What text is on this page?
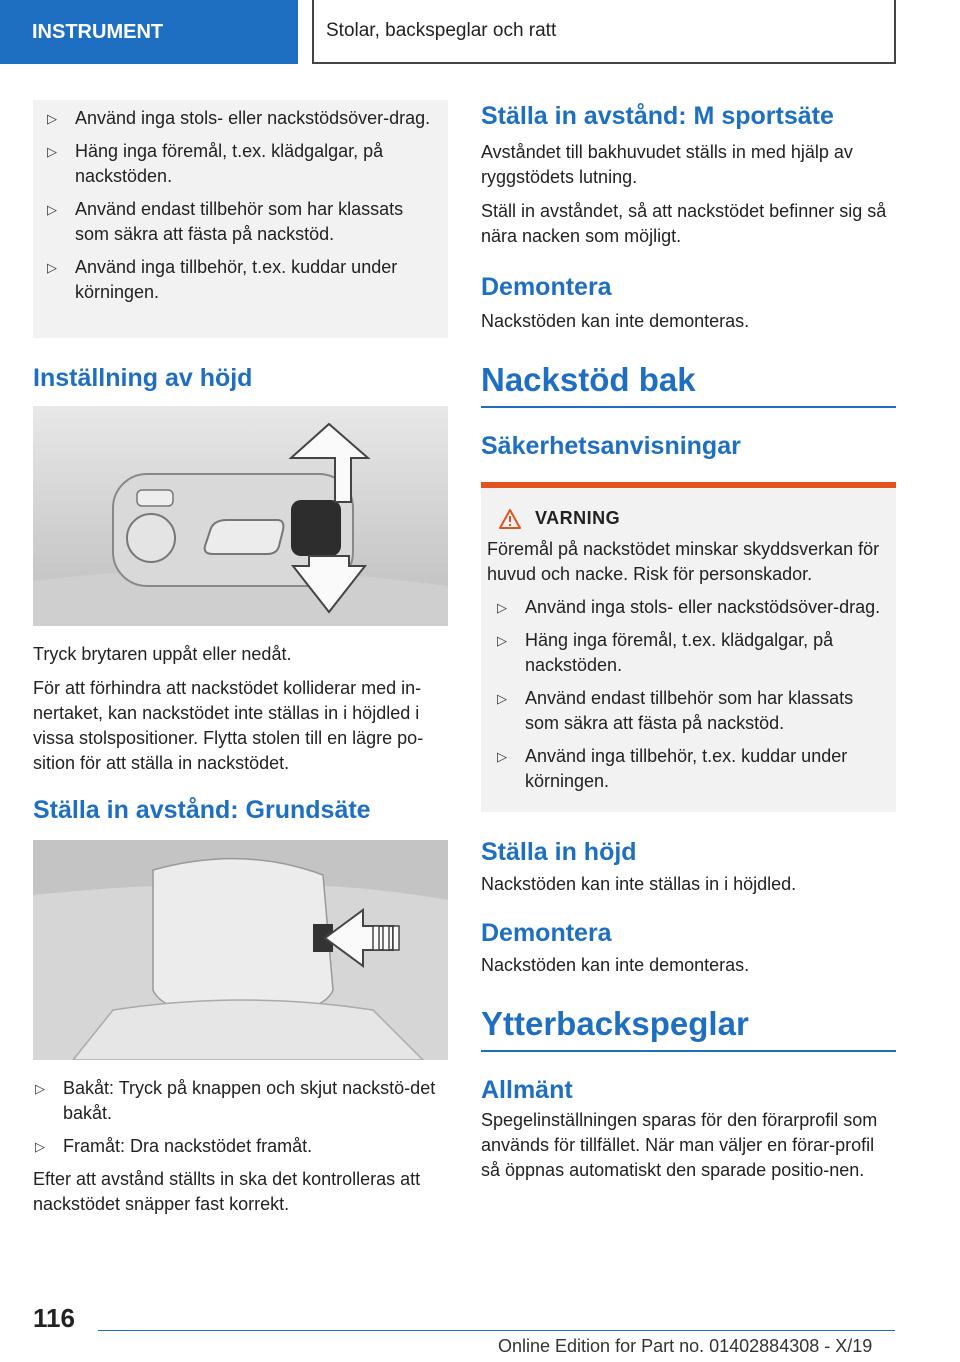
INSTRUMENT	Stolar, backspeglar och ratt
▷ Använd inga stols- eller nackstödsöver-drag.
▷ Häng inga föremål, t.ex. klädgalgar, på nackstöden.
▷ Använd endast tillbehör som har klassats som säkra att fästa på nackstöd.
▷ Använd inga tillbehör, t.ex. kuddar under körningen.
Inställning av höjd

Tryck brytaren uppåt eller nedåt.

För att förhindra att nackstödet kolliderar med in-nertaket, kan nackstödet inte ställas in i höjdled i vissa stolspositioner. Flytta stolen till en lägre po-sition för att ställa in nackstödet.

Ställa in avstånd: Grundsäte
▷ Bakåt: Tryck på knappen och skjut nackstö-det bakåt.
▷ Framåt: Dra nackstödet framåt.

Efter att avstånd ställts in ska det kontrolleras att nackstödet snäpper fast korrekt.

Ställa in avstånd: M sportsäte

Avståndet till bakhuvudet ställs in med hjälp av ryggstödets lutning.

Ställ in avståndet, så att nackstödet befinner sig så nära nacken som möjligt.

Demontera

Nackstöden kan inte demonteras.

Nackstöd bak
Säkerhetsanvisningar
VARNING

Föremål på nackstödet minskar skyddsverkan för huvud och nacke. Risk för personskador.

▷ Använd inga stols- eller nackstödsöver-drag.
▷ Häng inga föremål, t.ex. klädgalgar, på nackstöden.
▷ Använd endast tillbehör som har klassats som säkra att fästa på nackstöd.
▷ Använd inga tillbehör, t.ex. kuddar under körningen.
Ställa in höjd

Nackstöden kan inte ställas in i höjdled.

Demontera

Nackstöden kan inte demonteras.

Ytterbackspeglar
Allmänt

Spegelinställningen sparas för den förarprofil som används för tillfället. När man väljer en förar-profil så öppnas automatiskt den sparade positio-nen.

116
Online Edition for Part no. 01402884308 - X/19
